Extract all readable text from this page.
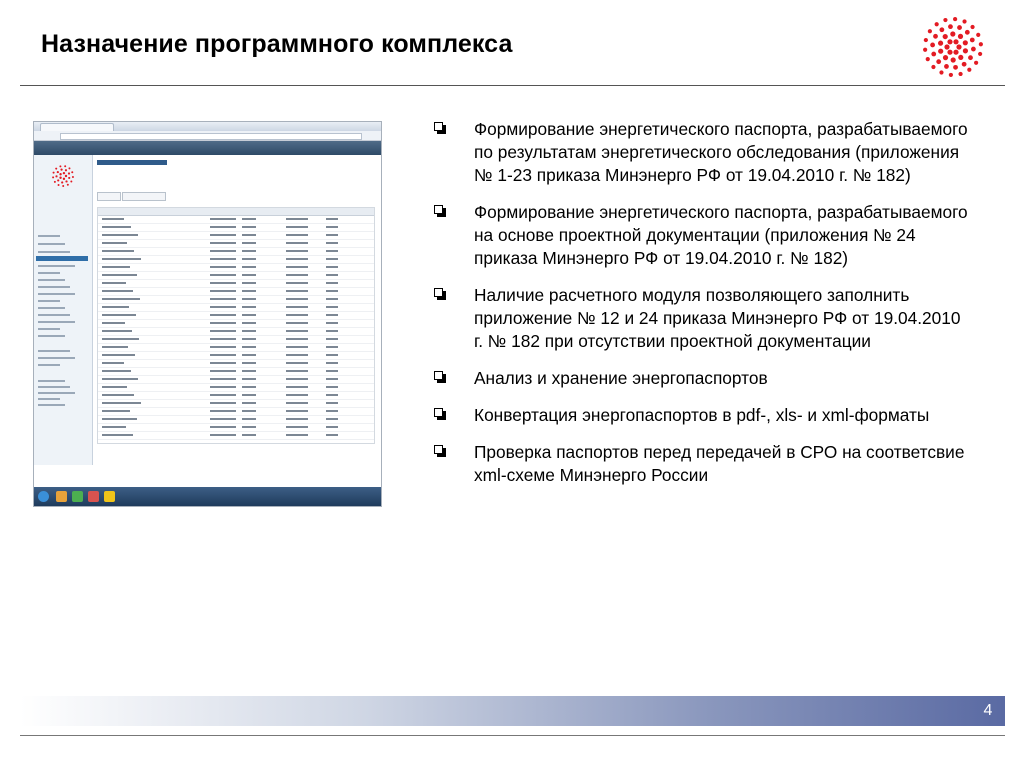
Назначение программного комплекса
Формирование энергетического паспорта, разрабатываемого по результатам энергетического обследования (приложения № 1-23 приказа Минэнерго РФ от 19.04.2010 г. № 182)
Формирование энергетического паспорта, разрабатываемого на основе проектной документации (приложения № 24 приказа Минэнерго РФ от 19.04.2010 г. № 182)
Наличие расчетного модуля позволяющего заполнить приложение № 12 и 24 приказа Минэнерго РФ от 19.04.2010 г. № 182 при отсутствии проектной документации
Анализ и хранение энергопаспортов
Конвертация энергопаспортов в pdf-, xls- и xml-форматы
Проверка паспортов перед передачей в СРО на соответсвие xml-схеме Минэнерго России
4
